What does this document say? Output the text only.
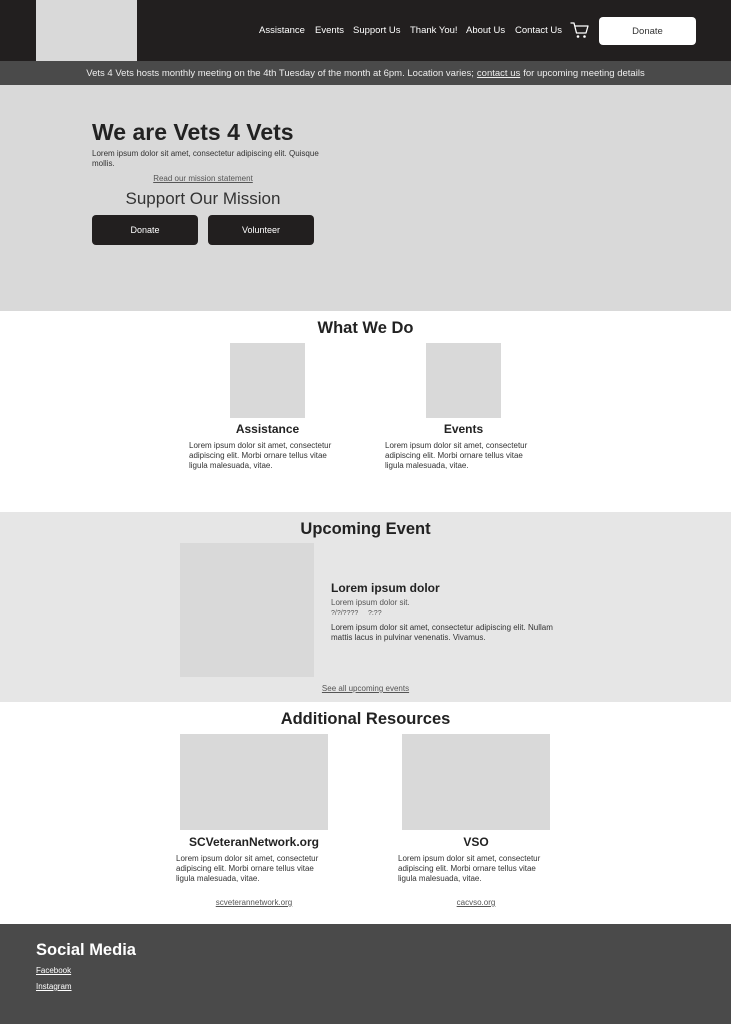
Assistance Events Support Us Thank You! About Us Contact Us	Donate
Vets 4 Vets hosts monthly meeting on the 4th Tuesday of the month at 6pm. Location varies; contact us for upcoming meeting details
We are Vets 4 Vets
Lorem ipsum dolor sit amet, consectetur adipiscing elit. Quisque mollis.
Read our mission statement
Support Our Mission
Donate	Volunteer
What We Do
Assistance
Lorem ipsum dolor sit amet, consectetur adipiscing elit. Morbi ornare tellus vitae ligula malesuada, vitae.
Events
Lorem ipsum dolor sit amet, consectetur adipiscing elit. Morbi ornare tellus vitae ligula malesuada, vitae.
Upcoming Event
Lorem ipsum dolor
Lorem ipsum dolor sit.
?/?/????     ?:??
Lorem ipsum dolor sit amet, consectetur adipiscing elit. Nullam mattis lacus in pulvinar venenatis. Vivamus.
See all upcoming events
Additional Resources
SCVeteranNetwork.org
Lorem ipsum dolor sit amet, consectetur adipiscing elit. Morbi ornare tellus vitae ligula malesuada, vitae.
scveterannetwork.org
VSO
Lorem ipsum dolor sit amet, consectetur adipiscing elit. Morbi ornare tellus vitae ligula malesuada, vitae.
cacvso.org
Social Media
Facebook
Instagram
